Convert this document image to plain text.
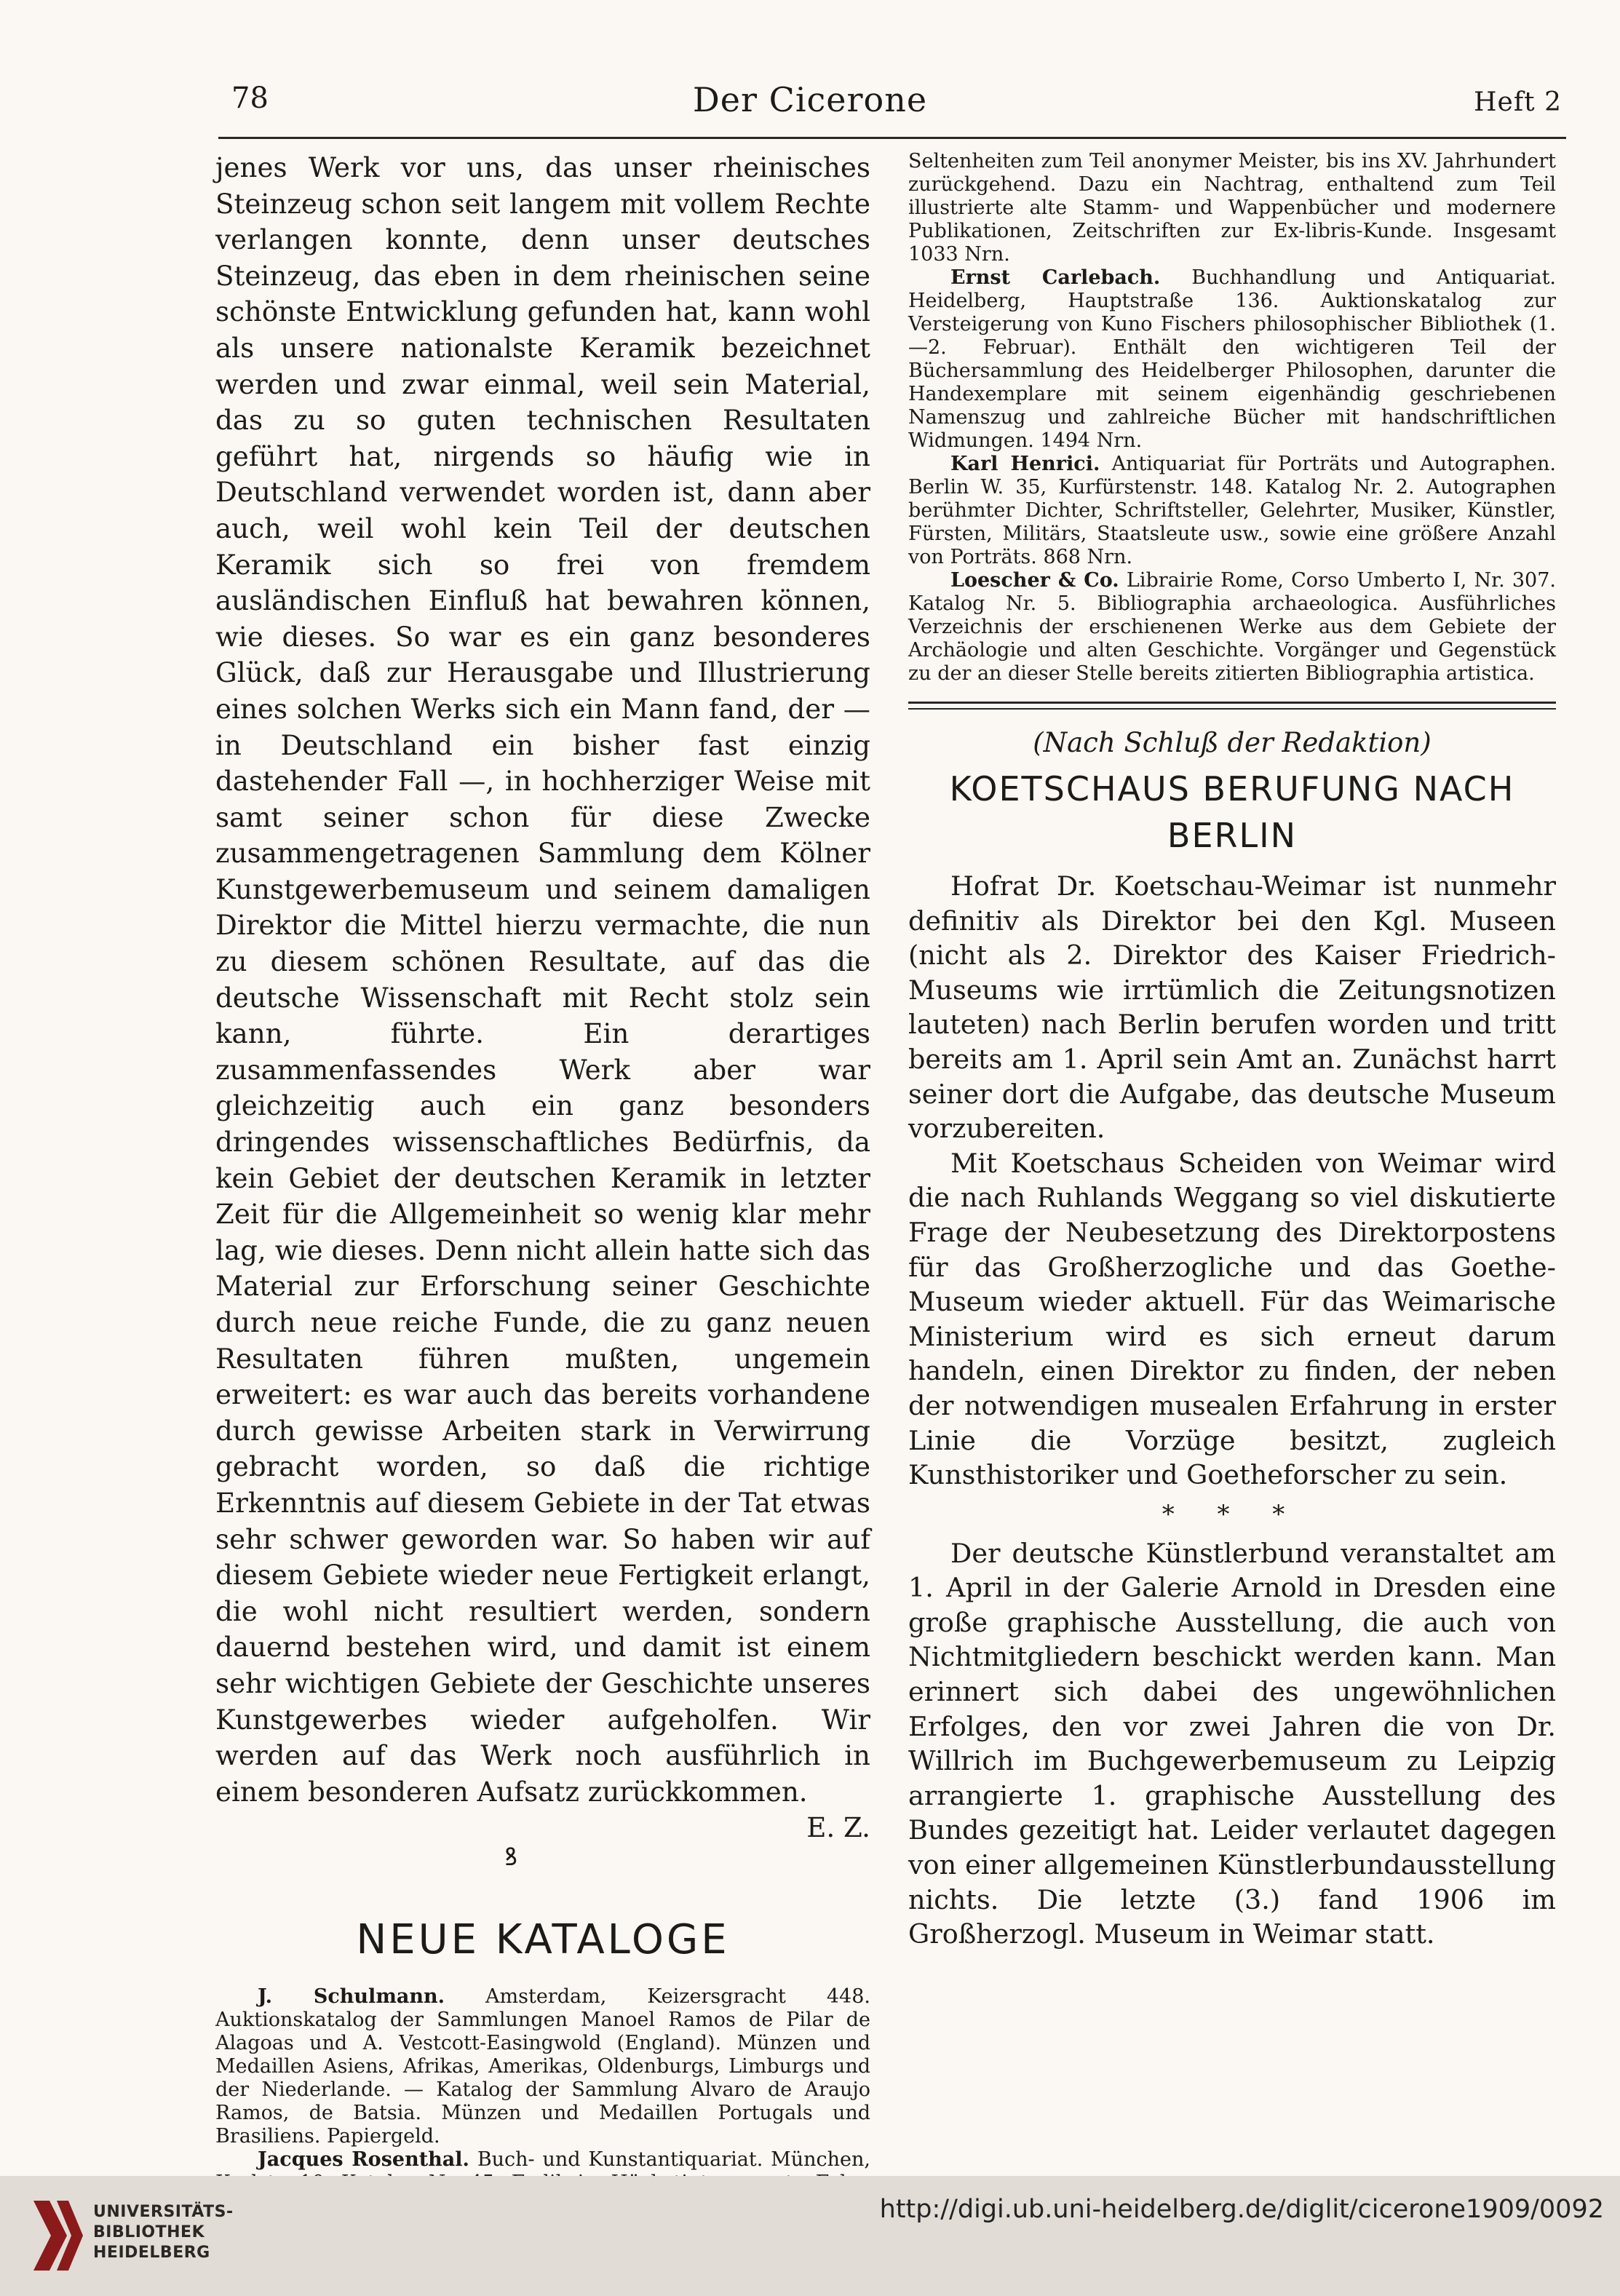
78	Der Cicerone	Heft 2

jenes Werk vor uns, das unser rheinisches Steinzeug schon seit langem mit vollem Rechte verlangen konnte, denn unser deutsches Steinzeug, das eben in dem rheinischen seine schönste Entwicklung gefunden hat, kann wohl als unsere nationalste Keramik bezeichnet werden und zwar einmal, weil sein Material, das zu so guten technischen Resultaten geführt hat, nirgends so häufig wie in Deutschland verwendet worden ist, dann aber auch, weil wohl kein Teil der deutschen Keramik sich so frei von fremdem ausländischen Einfluß hat bewahren können, wie dieses. So war es ein ganz besonderes Glück, daß zur Herausgabe und Illustrierung eines solchen Werks sich ein Mann fand, der — in Deutschland ein bisher fast einzig dastehender Fall —, in hochherziger Weise mit samt seiner schon für diese Zwecke zusammengetragenen Sammlung dem Kölner Kunstgewerbemuseum und seinem damaligen Direktor die Mittel hierzu vermachte, die nun zu diesem schönen Resultate, auf das die deutsche Wissenschaft mit Recht stolz sein kann, führte. Ein derartiges zusammenfassendes Werk aber war gleichzeitig auch ein ganz besonders dringendes wissenschaftliches Bedürfnis, da kein Gebiet der deutschen Keramik in letzter Zeit für die Allgemeinheit so wenig klar mehr lag, wie dieses. Denn nicht allein hatte sich das Material zur Erforschung seiner Geschichte durch neue reiche Funde, die zu ganz neuen Resultaten führen mußten, ungemein erweitert: es war auch das bereits vorhandene durch gewisse Arbeiten stark in Verwirrung gebracht worden, so daß die richtige Erkenntnis auf diesem Gebiete in der Tat etwas sehr schwer geworden war. So haben wir auf diesem Gebiete wieder neue Fertigkeit erlangt, die wohl nicht resultiert werden, sondern dauernd bestehen wird, und damit ist einem sehr wichtigen Gebiete der Geschichte unseres Kunstgewerbes wieder aufgeholfen. Wir werden auf das Werk noch ausführlich in einem besonderen Aufsatz zurückkommen.
E. Z.

ꝸ

NEUE KATALOGE

J. Schulmann. Amsterdam, Keizersgracht 448. Auktionskatalog der Sammlungen Manoel Ramos de Pilar de Alagoas und A. Vestcott-Easingwold (England). Münzen und Medaillen Asiens, Afrikas, Amerikas, Oldenburgs, Limburgs und der Niederlande. — Katalog der Sammlung Alvaro de Araujo Ramos, de Batsia. Münzen und Medaillen Portugals und Brasiliens. Papiergeld.

Jacques Rosenthal. Buch- und Kunstantiquariat. München,

Seltenheiten zum Teil anonymer Meister, bis ins XV. Jahrhundert zurückgehend. Dazu ein Nachtrag, enthaltend zum Teil illustrierte alte Stamm- und Wappenbücher und modernere Publikationen, Zeitschriften zur Ex-libris-Kunde. Insgesamt 1033 Nrn.

Ernst Carlebach. Buchhandlung und Antiquariat. Heidelberg, Hauptstraße 136. Auktionskatalog zur Versteigerung von Kuno Fischers philosophischer Bibliothek (1.—2. Februar). Enthält den wichtigeren Teil der Büchersammlung des Heidelberger Philosophen, darunter die Handexemplare mit seinem eigenhändig geschriebenen Namenszug und zahlreiche Bücher mit handschriftlichen Widmungen. 1494 Nrn.

Karl Henrici. Antiquariat für Porträts und Autographen. Berlin W. 35, Kurfürstenstr. 148. Katalog Nr. 2. Autographen berühmter Dichter, Schriftsteller, Gelehrter, Musiker, Künstler, Fürsten, Militärs, Staatsleute usw., sowie eine größere Anzahl von Porträts. 868 Nrn.

Loescher & Co. Librairie Rome, Corso Umberto I, Nr. 307. Katalog Nr. 5. Bibliographia archaeologica. Ausführliches Verzeichnis der erschienenen Werke aus dem Gebiete der Archäologie und alten Geschichte. Vorgänger und Gegenstück zu der an dieser Stelle bereits zitierten Bibliographia artistica.

(Nach Schluß der Redaktion)

KOETSCHAUS BERUFUNG NACH BERLIN

Hofrat Dr. Koetschau-Weimar ist nunmehr definitiv als Direktor bei den Kgl. Museen (nicht als 2. Direktor des Kaiser Friedrich-Museums wie irrtümlich die Zeitungsnotizen lauteten) nach Berlin berufen worden und tritt bereits am 1. April sein Amt an. Zunächst harrt seiner dort die Aufgabe, das deutsche Museum vorzubereiten.

Mit Koetschaus Scheiden von Weimar wird die nach Ruhlands Weggang so viel diskutierte Frage der Neubesetzung des Direktorpostens für das Großherzogliche und das Goethe-Museum wieder aktuell. Für das Weimarische Ministerium wird es sich erneut darum handeln, einen Direktor zu finden, der neben der notwendigen musealen Erfahrung in erster Linie die Vorzüge besitzt, zugleich Kunsthistoriker und Goetheforscher zu sein.

* * *

Der deutsche Künstlerbund veranstaltet am 1. April in der Galerie Arnold in Dresden eine große graphische Ausstellung, die auch von Nichtmitgliedern beschickt werden kann. Man erinnert sich dabei des ungewöhnlichen Erfolges, den vor zwei Jahren die von Dr. Willrich im Buchgewerbemuseum zu Leipzig arrangierte 1. graphische Ausstellung des Bundes gezeitigt hat. Leider verlautet dagegen von einer allgemeinen Künstlerbundausstellung nichts. Die letzte (3.) fand 1906 im Großherzogl. Museum in Weimar statt.

UNIVERSITÄTS-
BIBLIOTHEK
HEIDELBERG
http://digi.ub.uni-heidelberg.de/diglit/cicerone1909/0092
